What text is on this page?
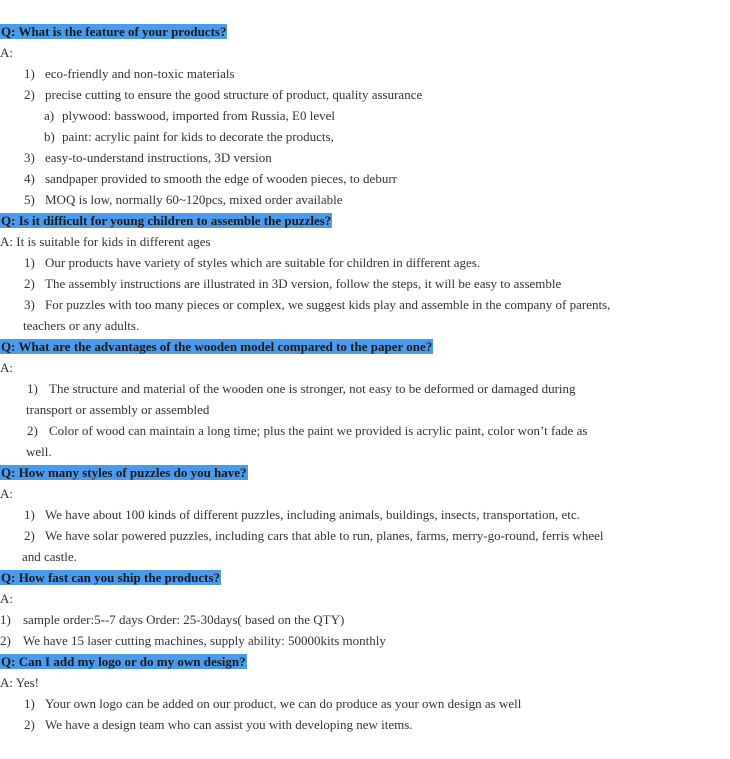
Q: What is the feature of your products?
A:
1) eco-friendly and non-toxic materials
2) precise cutting to ensure the good structure of product, quality assurance
a) plywood: basswood, imported from Russia, E0 level
b) paint: acrylic paint for kids to decorate the products,
3) easy-to-understand instructions, 3D version
4) sandpaper provided to smooth the edge of wooden pieces, to deburr
5) MOQ is low, normally 60~120pcs, mixed order available
Q: Is it difficult for young children to assemble the puzzles?
A: It is suitable for kids in different ages
1) Our products have variety of styles which are suitable for children in different ages.
2) The assembly instructions are illustrated in 3D version, follow the steps, it will be easy to assemble
3) For puzzles with too many pieces or complex, we suggest kids play and assemble in the company of parents,
teachers or any adults.
Q: What are the advantages of the wooden model compared to the paper one?
A:
1) The structure and material of the wooden one is stronger, not easy to be deformed or damaged during
transport or assembly or assembled
2) Color of wood can maintain a long time; plus the paint we provided is acrylic paint, color won’t fade as
well.
Q: How many styles of puzzles do you have?
A:
1) We have about 100 kinds of different puzzles, including animals, buildings, insects, transportation, etc.
2) We have solar powered puzzles, including cars that able to run, planes, farms, merry-go-round, ferris wheel
and castle.
Q: How fast can you ship the products?
A:
1) sample order:5--7 days Order: 25-30days( based on the QTY)
2) We have 15 laser cutting machines, supply ability: 50000kits monthly
Q: Can I add my logo or do my own design?
A: Yes!
1) Your own logo can be added on our product, we can do produce as your own design as well
2) We have a design team who can assist you with developing new items.
